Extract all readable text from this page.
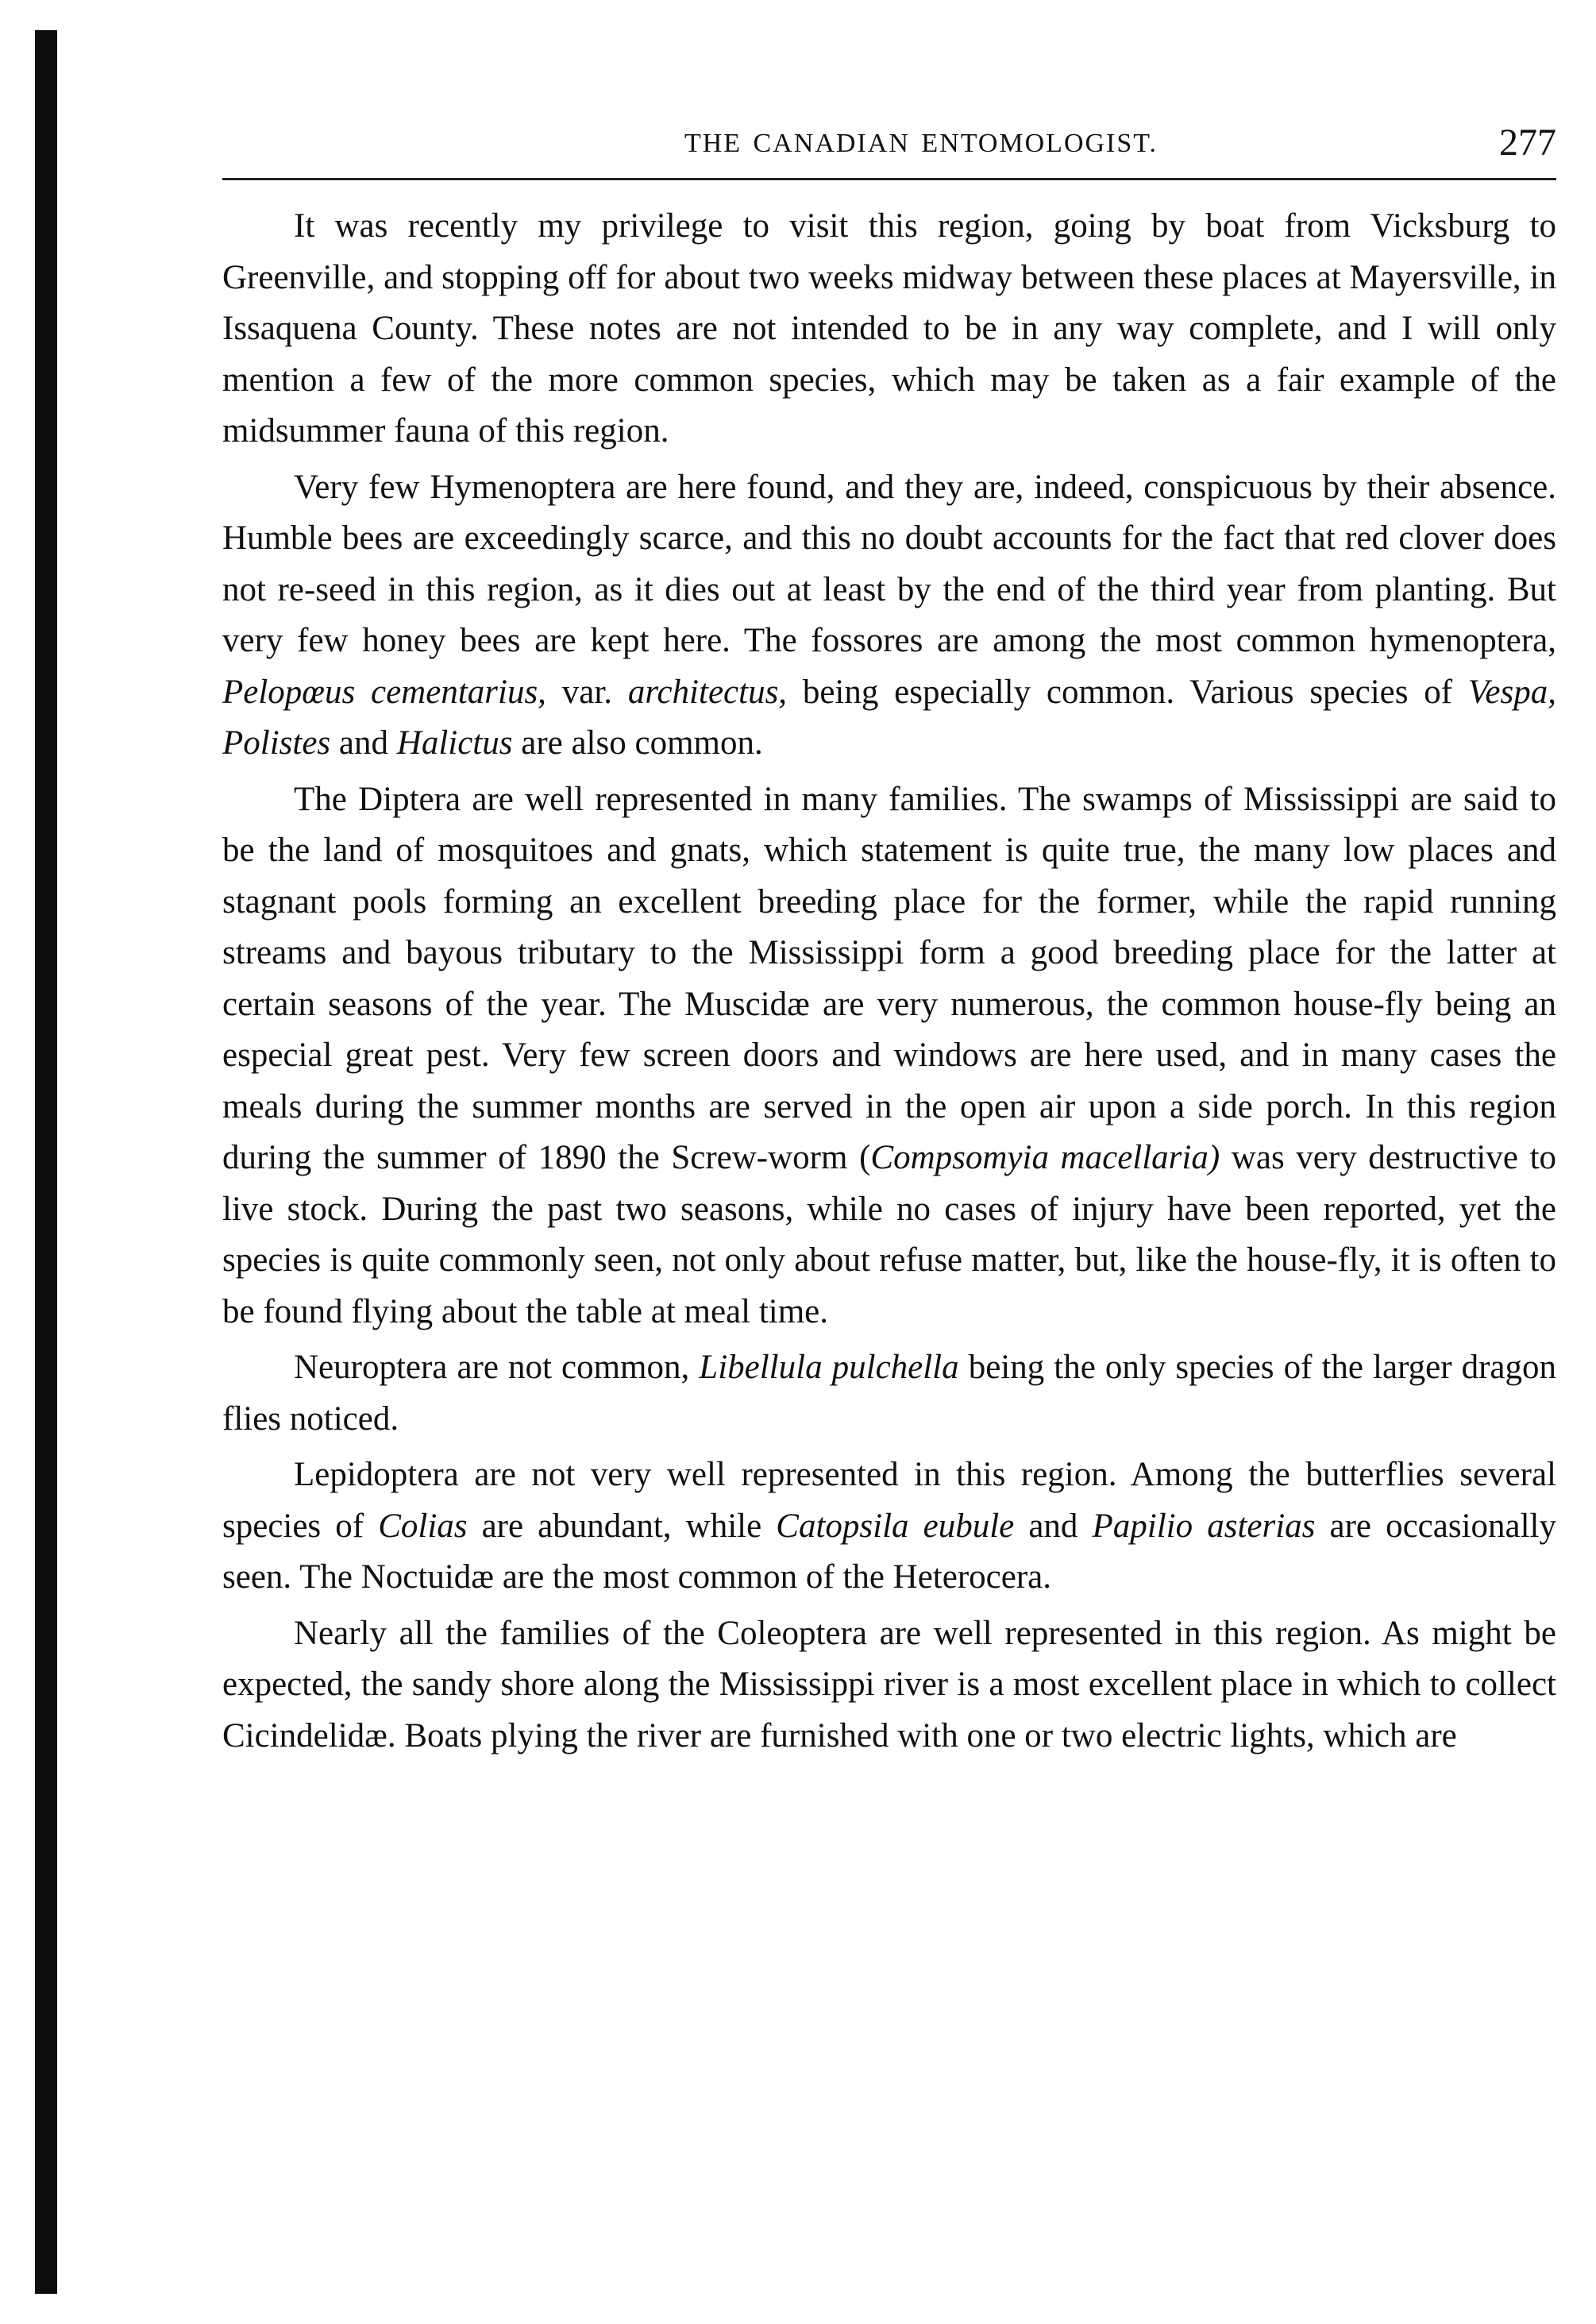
THE CANADIAN ENTOMOLOGIST.	277

It was recently my privilege to visit this region, going by boat from Vicksburg to Greenville, and stopping off for about two weeks midway between these places at Mayersville, in Issaquena County. These notes are not intended to be in any way complete, and I will only mention a few of the more common species, which may be taken as a fair example of the midsummer fauna of this region.

Very few Hymenoptera are here found, and they are, indeed, conspicuous by their absence. Humble bees are exceedingly scarce, and this no doubt accounts for the fact that red clover does not re-seed in this region, as it dies out at least by the end of the third year from planting. But very few honey bees are kept here. The fossores are among the most common hymenoptera, Pelopœus cementarius, var. architectus, being especially common. Various species of Vespa, Polistes and Halictus are also common.

The Diptera are well represented in many families. The swamps of Mississippi are said to be the land of mosquitoes and gnats, which statement is quite true, the many low places and stagnant pools forming an excellent breeding place for the former, while the rapid running streams and bayous tributary to the Mississippi form a good breeding place for the latter at certain seasons of the year. The Muscidæ are very numerous, the common house-fly being an especial great pest. Very few screen doors and windows are here used, and in many cases the meals during the summer months are served in the open air upon a side porch. In this region during the summer of 1890 the Screw-worm (Compsomyia macellaria) was very destructive to live stock. During the past two seasons, while no cases of injury have been reported, yet the species is quite commonly seen, not only about refuse matter, but, like the house-fly, it is often to be found flying about the table at meal time.

Neuroptera are not common, Libellula pulchella being the only species of the larger dragon flies noticed.

Lepidoptera are not very well represented in this region. Among the butterflies several species of Colias are abundant, while Catopsila eubule and Papilio asterias are occasionally seen. The Noctuidæ are the most common of the Heterocera.

Nearly all the families of the Coleoptera are well represented in this region. As might be expected, the sandy shore along the Mississippi river is a most excellent place in which to collect Cicindelidæ. Boats plying the river are furnished with one or two electric lights, which are
